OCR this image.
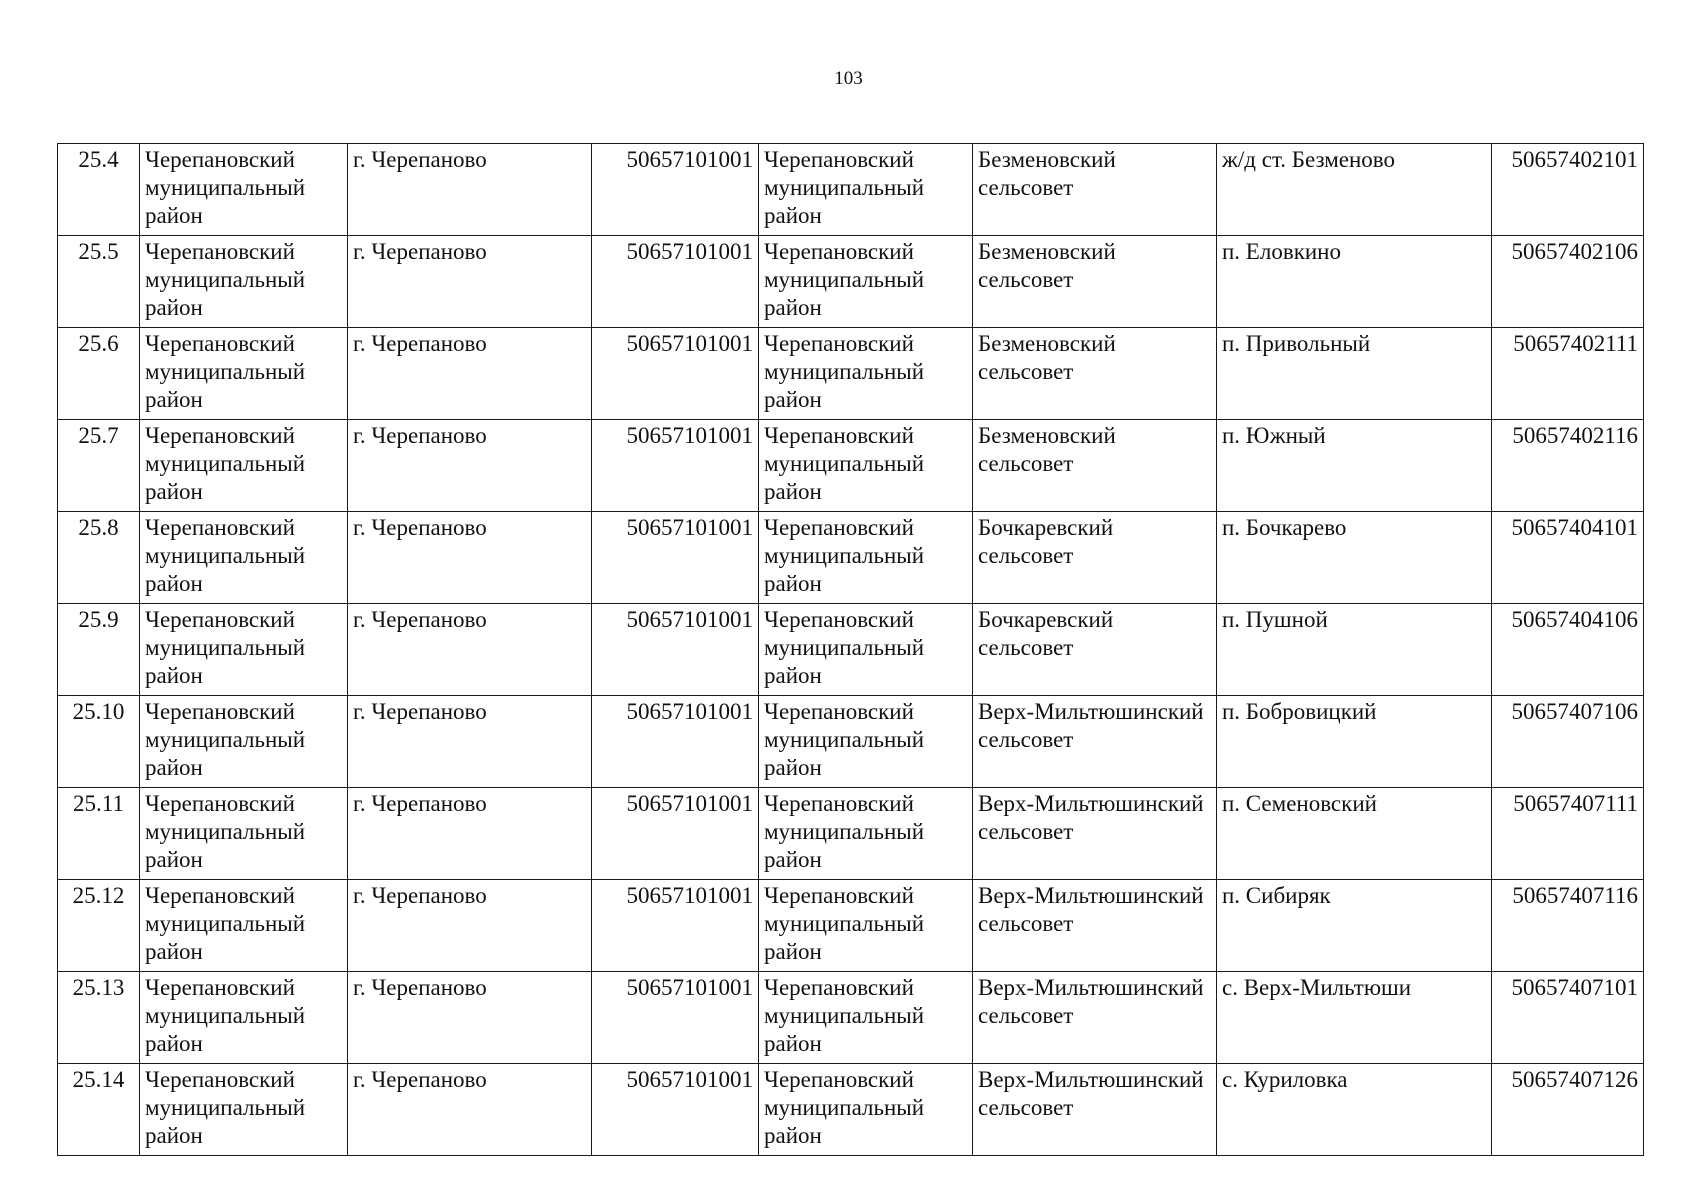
103
25.4	Черепановский муниципальный район	г. Черепаново	50657101001	Черепановский муниципальный район	Безменовский сельсовет	ж/д ст. Безменово	50657402101
25.5	Черепановский муниципальный район	г. Черепаново	50657101001	Черепановский муниципальный район	Безменовский сельсовет	п. Еловкино	50657402106
25.6	Черепановский муниципальный район	г. Черепаново	50657101001	Черепановский муниципальный район	Безменовский сельсовет	п. Привольный	50657402111
25.7	Черепановский муниципальный район	г. Черепаново	50657101001	Черепановский муниципальный район	Безменовский сельсовет	п. Южный	50657402116
25.8	Черепановский муниципальный район	г. Черепаново	50657101001	Черепановский муниципальный район	Бочкаревский сельсовет	п. Бочкарево	50657404101
25.9	Черепановский муниципальный район	г. Черепаново	50657101001	Черепановский муниципальный район	Бочкаревский сельсовет	п. Пушной	50657404106
25.10	Черепановский муниципальный район	г. Черепаново	50657101001	Черепановский муниципальный район	Верх-Мильтюшинский сельсовет	п. Бобровицкий	50657407106
25.11	Черепановский муниципальный район	г. Черепаново	50657101001	Черепановский муниципальный район	Верх-Мильтюшинский сельсовет	п. Семеновский	50657407111
25.12	Черепановский муниципальный район	г. Черепаново	50657101001	Черепановский муниципальный район	Верх-Мильтюшинский сельсовет	п. Сибиряк	50657407116
25.13	Черепановский муниципальный район	г. Черепаново	50657101001	Черепановский муниципальный район	Верх-Мильтюшинский сельсовет	с. Верх-Мильтюши	50657407101
25.14	Черепановский муниципальный район	г. Черепаново	50657101001	Черепановский муниципальный район	Верх-Мильтюшинский сельсовет	с. Куриловка	50657407126
